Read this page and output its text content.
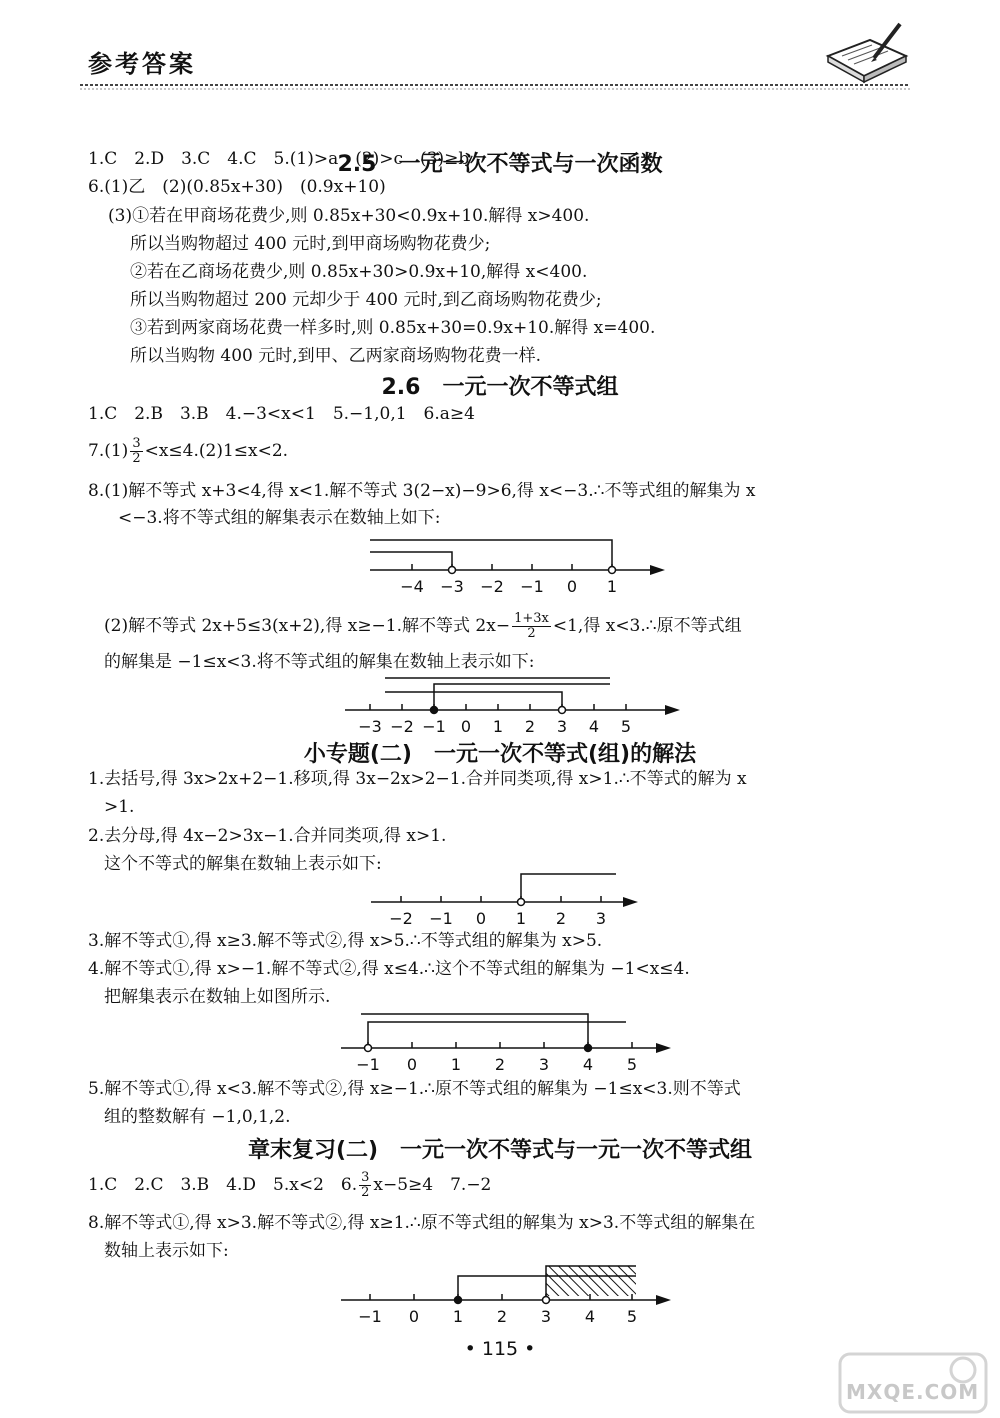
参考答案
2.5　一元一次不等式与一次函数
1.C　2.D　3.C　4.C　5.(1)>a　(2)>c　(3)≥b
6.(1)乙　(2)(0.85x+30)　(0.9x+10)
(3)①若在甲商场花费少,则 0.85x+30<0.9x+10.解得 x>400.
所以当购物超过 400 元时,到甲商场购物花费少;
②若在乙商场花费少,则 0.85x+30>0.9x+10,解得 x<400.
所以当购物超过 200 元却少于 400 元时,到乙商场购物花费少;
③若到两家商场花费一样多时,则 0.85x+30=0.9x+10.解得 x=400.
所以当购物 400 元时,到甲、乙两家商场购物花费一样.
2.6　一元一次不等式组
1.C　2.B　3.B　4.−3<x<1　5.−1,0,1　6.a≥4
$7.(1) \frac{3}{2} <x\le 4.(2)1\le x<2$.
8.(1)解不等式 x+3<4,得 x<1.解不等式 3(2−x)−9>6,得 x<−3.∴不等式组的解集为 x
<−3.将不等式组的解集表示在数轴上如下:
−4 −3 −2 −1 0 1
(2)解不等式 2x+5≤3(x+2),得 x≥−1.解不等式 $2x- \frac{1+3x}{2} <1$,得 x<3.∴原不等式组
的解集是 −1≤x<3.将不等式组的解集在数轴上表示如下:
−3 −2 −1 0 1 2 3 4 5
小专题(二)　一元一次不等式(组)的解法
1.去括号,得 3x>2x+2−1.移项,得 3x−2x>2−1.合并同类项,得 x>1.∴不等式的解为 x
>1.
2.去分母,得 4x−2>3x−1.合并同类项,得 x>1.
这个不等式的解集在数轴上表示如下:
−2 −1 0 1 2 3
3.解不等式①,得 x≥3.解不等式②,得 x>5.∴不等式组的解集为 x>5.
4.解不等式①,得 x>−1.解不等式②,得 x≤4.∴这个不等式组的解集为 −1<x≤4.
把解集表示在数轴上如图所示.
−1 0 1 2 3 4 5
5.解不等式①,得 x<3.解不等式②,得 x≥−1.∴原不等式组的解集为 −1≤x<3.则不等式
组的整数解有 −1,0,1,2.
章末复习(二)　一元一次不等式与一元一次不等式组
1.C　2.C　3.B　4.D　5.x<2　6. $\frac{3}{2} x-5\ge 4$　7.−2
8.解不等式①,得 x>3.解不等式②,得 x≥1.∴原不等式组的解集为 x>3.不等式组的解集在
数轴上表示如下:
−1 0 1 2 3 4 5
• 115 •
MXQE.COM
